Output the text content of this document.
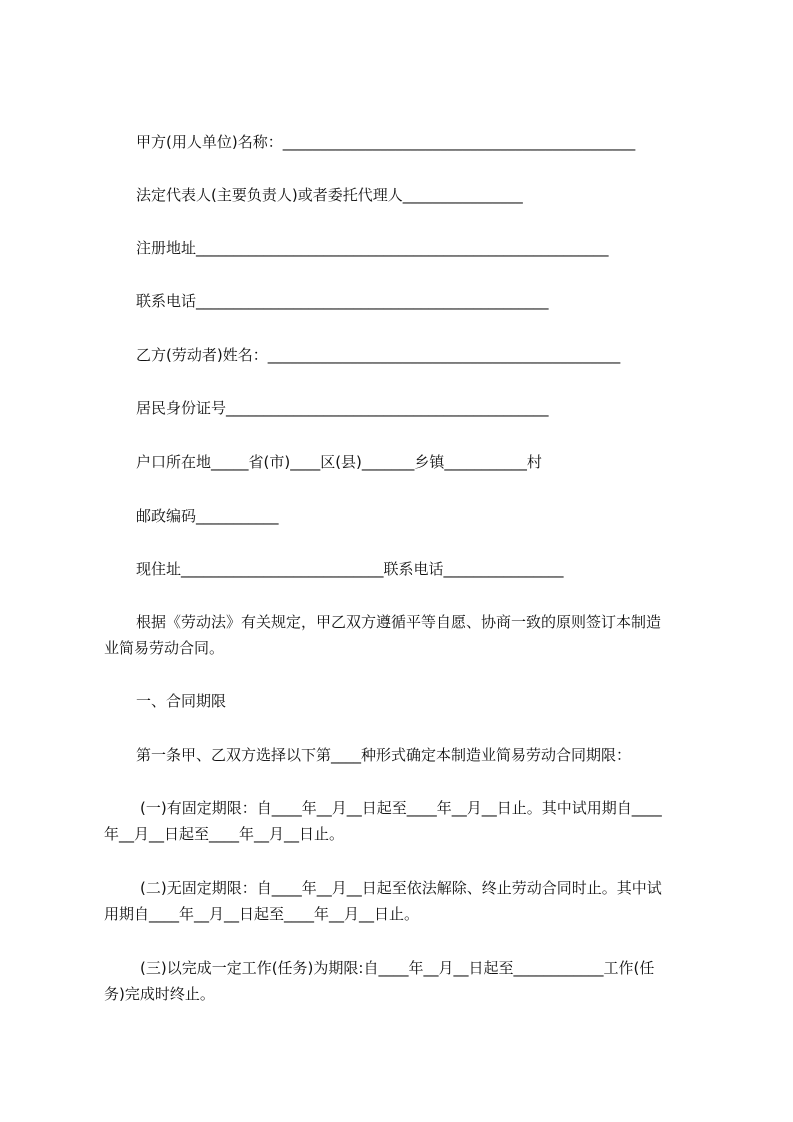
甲方(用人单位)名称：_______________________________________________
法定代表人(主要负责人)或者委托代理人________________
注册地址_______________________________________________________
联系电话_______________________________________________
乙方(劳动者)姓名：_______________________________________________
居民身份证号___________________________________________
户口所在地_____省(市)____区(县)_______乡镇___________村
邮政编码___________
现住址___________________________联系电话________________
根据《劳动法》有关规定，甲乙双方遵循平等自愿、协商一致的原则签订本制造
业简易劳动合同。
一、合同期限
第一条甲、乙双方选择以下第____种形式确定本制造业简易劳动合同期限：
(一)有固定期限：自____年__月__日起至____年__月__日止。其中试用期自____
年__月__日起至____年__月__日止。
(二)无固定期限：自____年__月__日起至依法解除、终止劳动合同时止。其中试
用期自____年__月__日起至____年__月__日止。
(三)以完成一定工作(任务)为期限:自____年__月__日起至____________工作(任
务)完成时终止。
